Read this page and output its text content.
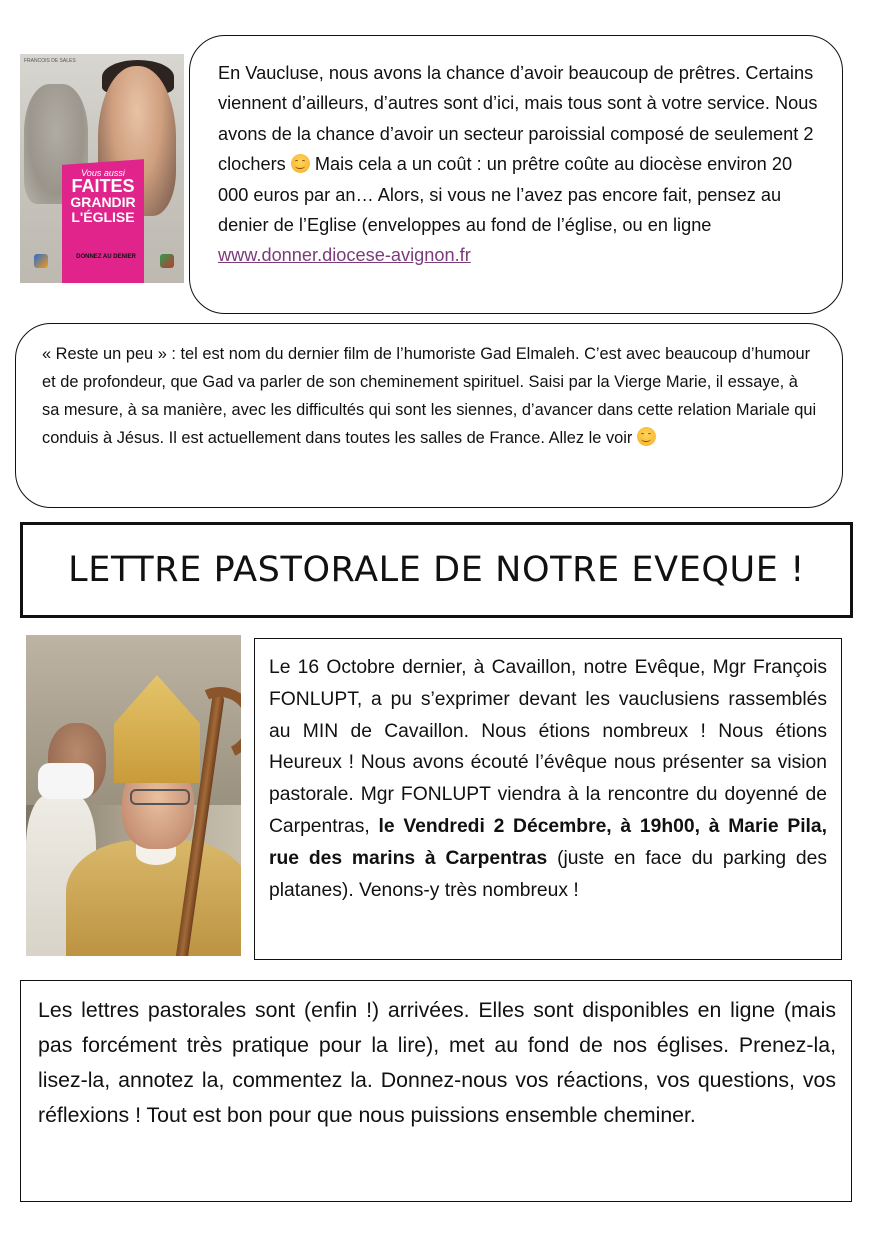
FRANCOIS DE SALES
Vous aussi
FAITES
GRANDIR
L'ÉGLISE
DONNEZ AU DENIER

En Vaucluse, nous avons la chance d’avoir beaucoup de prêtres. Certains viennent d’ailleurs, d’autres sont d’ici, mais tous sont à votre service. Nous avons de la chance d’avoir un secteur paroissial composé de seulement 2 clochers
Mais cela a un coût : un prêtre coûte au diocèse environ 20 000 euros par an… Alors, si vous ne l’avez pas encore fait, pensez au denier de l’Eglise (enveloppes au fond de l’église, ou en ligne www.donner.diocese-avignon.fr

« Reste un peu » : tel est nom du dernier film de l’humoriste Gad Elmaleh. C’est avec beaucoup d’humour et de profondeur, que Gad va parler de son cheminement spirituel. Saisi par la Vierge Marie, il essaye, à sa mesure, à sa manière, avec les difficultés qui sont les siennes, d’avancer dans cette relation Mariale qui conduis à Jésus. Il est actuellement dans toutes les salles de France. Allez le voir

LETTRE PASTORALE DE NOTRE EVEQUE !

Le 16 Octobre dernier, à Cavaillon, notre Evêque, Mgr François FONLUPT, a pu s’exprimer devant les vauclusiens rassemblés au MIN de Cavaillon. Nous étions nombreux ! Nous étions Heureux ! Nous avons écouté l’évêque nous présenter sa vision pastorale. Mgr FONLUPT viendra à la rencontre du doyenné de Carpentras, le Vendredi 2 Décembre, à 19h00, à Marie Pila, rue des marins à Carpentras (juste en face du parking des platanes). Venons-y très nombreux !

Les lettres pastorales sont (enfin !) arrivées. Elles sont disponibles en ligne (mais pas forcément très pratique pour la lire), met au fond de nos églises. Prenez-la, lisez-la, annotez la, commentez la. Donnez-nous vos réactions, vos questions, vos réflexions ! Tout est bon pour que nous puissions ensemble cheminer.
